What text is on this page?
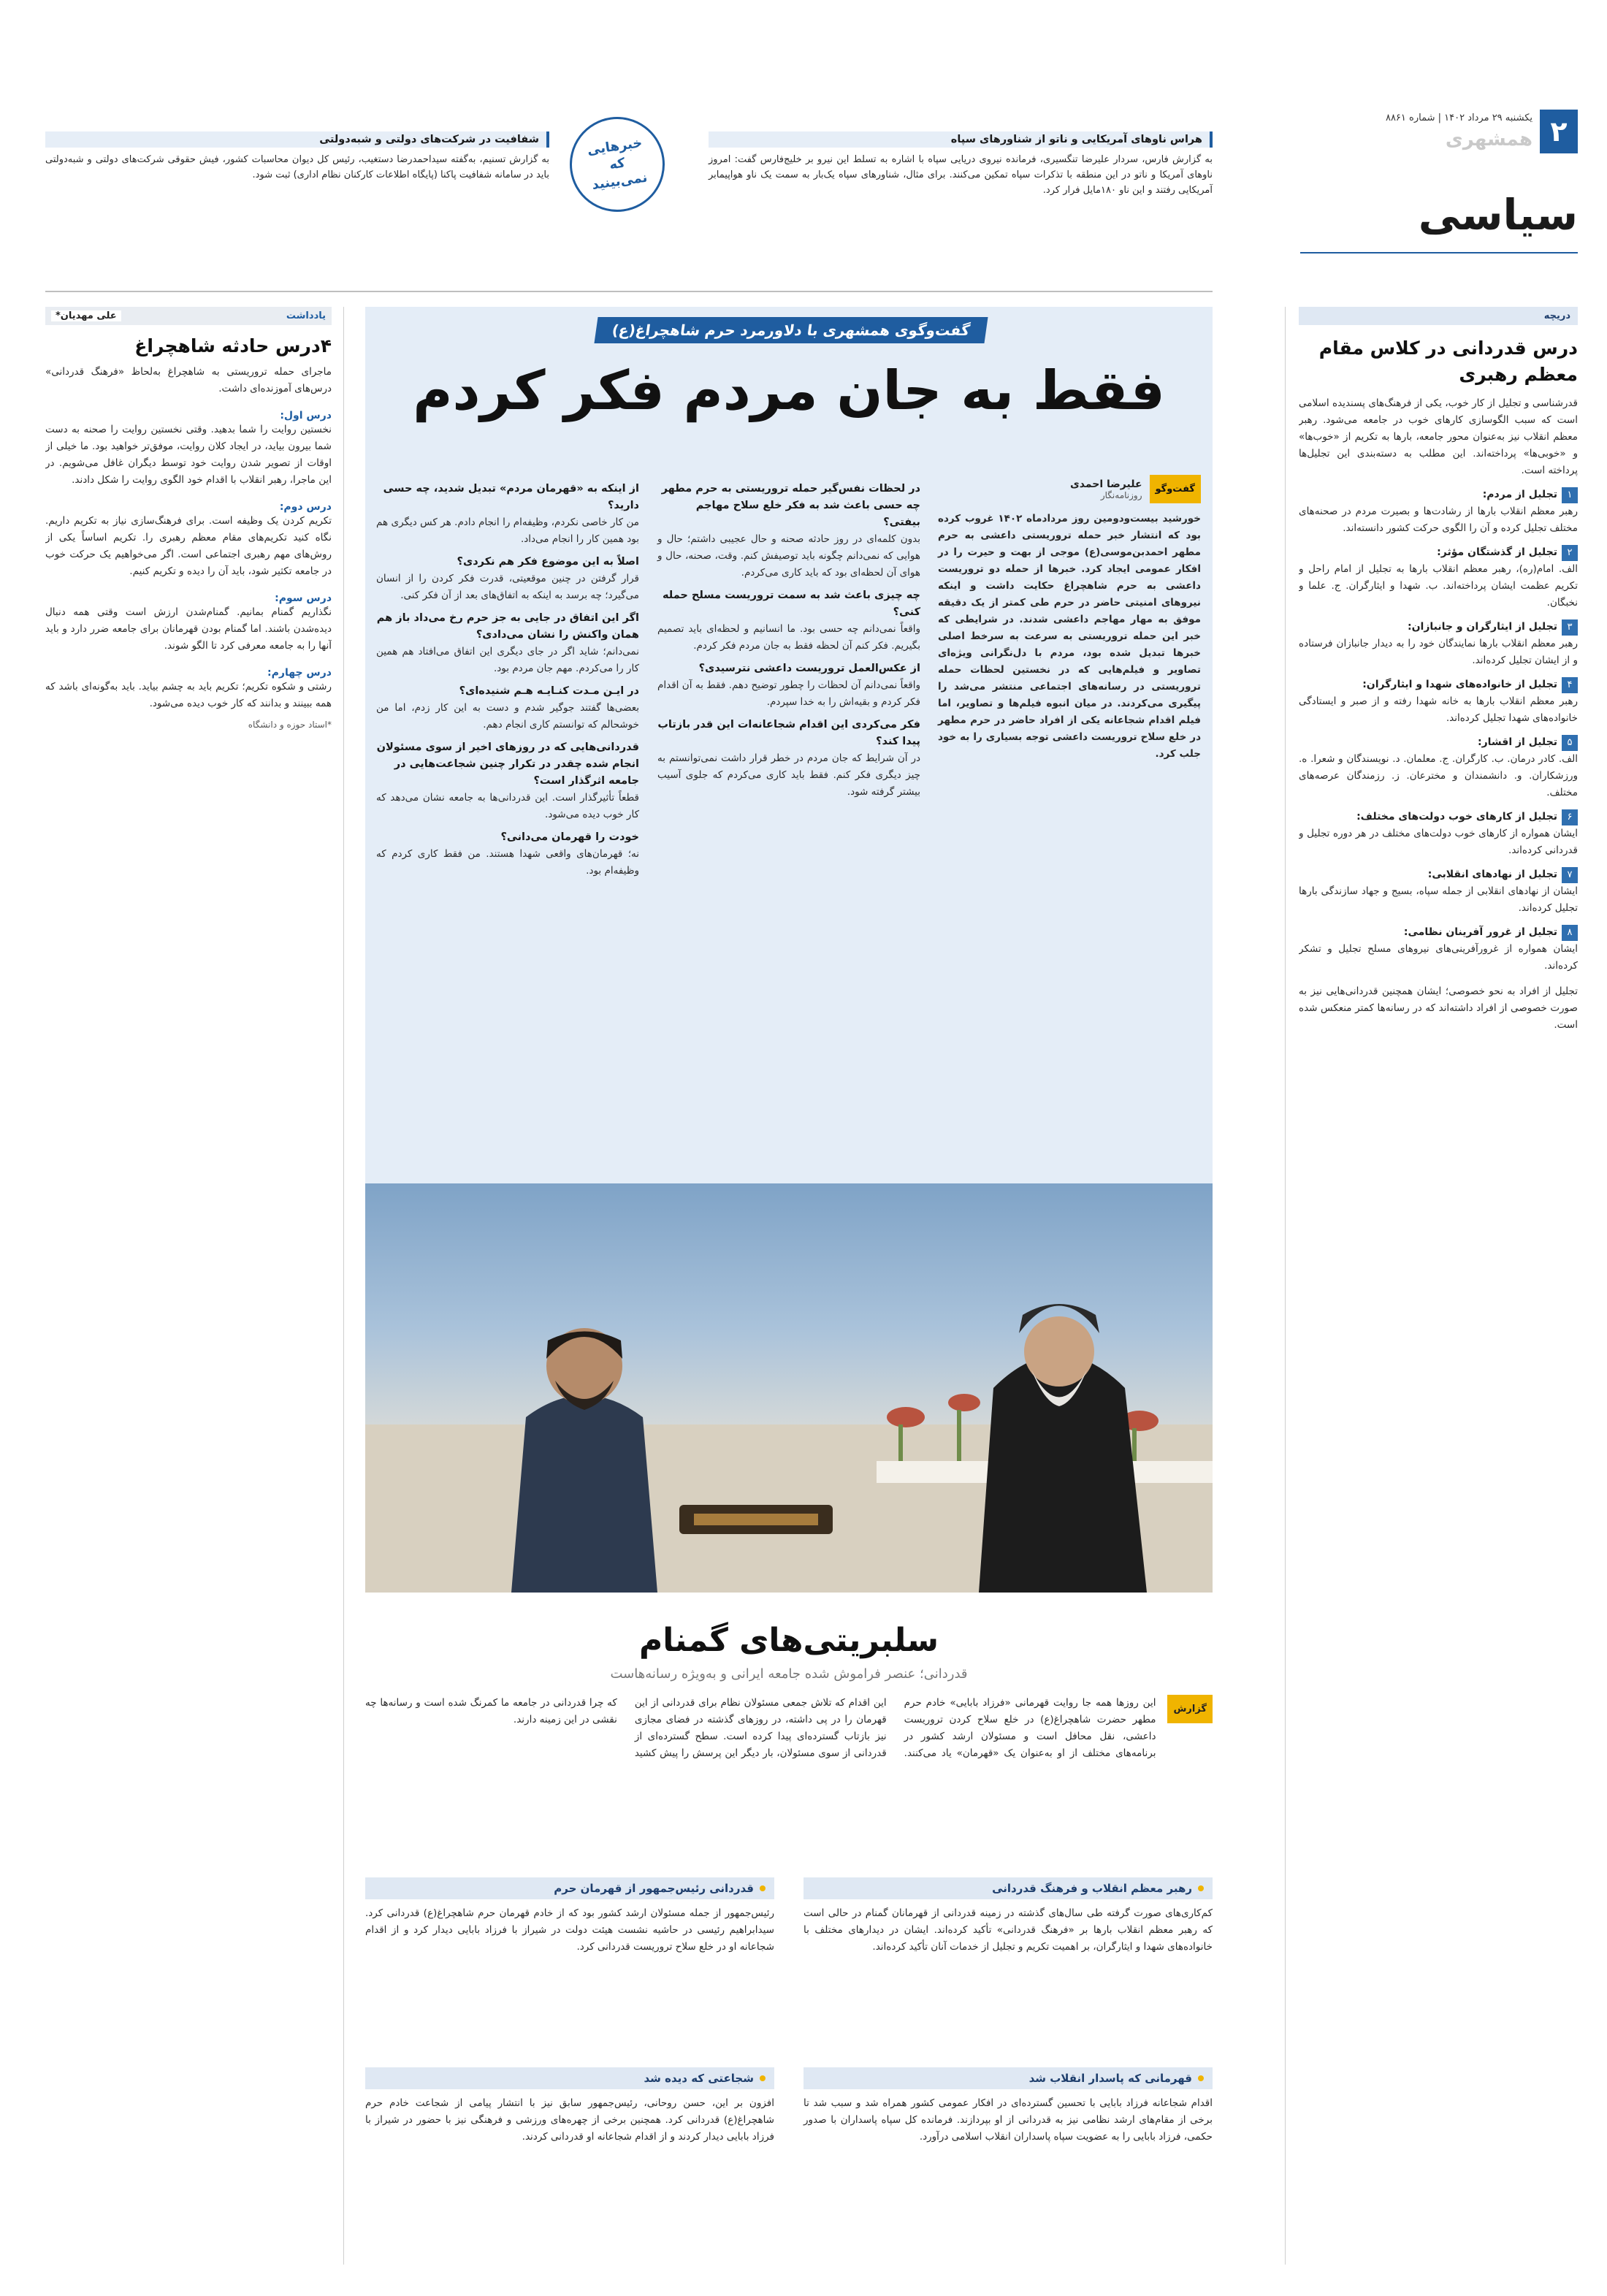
۲
یکشنبه ۲۹ مرداد ۱۴۰۲ | شماره ۸۸۶۱
همشهری
سیاسی
هراس ناوهای آمریکایی و ناتو از شناورهای سپاه

به گزارش فارس، سردار علیرضا تنگسیری، فرمانده نیروی دریایی سپاه با اشاره به تسلط این نیرو بر خلیج‌فارس گفت: امروز ناوهای آمریکا و ناتو در این منطقه با تذکرات سپاه تمکین می‌کنند. برای مثال، شناورهای سپاه یک‌بار به سمت یک ناو هواپیمابر آمریکایی رفتند و این ناو ۱۸۰مایل فرار کرد.

خبرهایی که نمی‌بینید
شفافیت در شرکت‌های دولتی و شبه‌دولتی

به گزارش تسنیم، به‌گفته سیداحمدرضا دستغیب، رئیس کل دیوان محاسبات کشور، فیش حقوقی شرکت‌های دولتی و شبه‌دولتی باید در سامانه شفافیت پاکنا (پایگاه اطلاعات کارکنان نظام اداری) ثبت شود.

دریچه
درس قدردانی در کلاس مقام معظم رهبری

قدرشناسی و تجلیل از کار خوب، یکی از فرهنگ‌های پسندیده اسلامی است که سبب الگوسازی کارهای خوب در جامعه می‌شود. رهبر معظم انقلاب نیز به‌عنوان محور جامعه، بارها به تکریم از «خوب‌ها» و «خوبی‌ها» پرداخته‌اند. این مطلب به دسته‌بندی این تجلیل‌ها پرداخته است.

۱تجلیل از مردم:

رهبر معظم انقلاب بارها از رشادت‌ها و بصیرت مردم در صحنه‌های مختلف تجلیل کرده و آن را الگوی حرکت کشور دانسته‌اند.

۲تجلیل از گذشتگان مؤثر:

الف. امام(ره)، رهبر معظم انقلاب بارها به تجلیل از امام راحل و تکریم عظمت ایشان پرداخته‌اند. ب. شهدا و ایثارگران. ج. علما و نخبگان.

۳تجلیل از ایثارگران و جانبازان:

رهبر معظم انقلاب بارها نمایندگان خود را به دیدار جانبازان فرستاده و از ایشان تجلیل کرده‌اند.

۴تجلیل از خانواده‌های شهدا و ایثارگران:

رهبر معظم انقلاب بارها به خانه شهدا رفته و از صبر و ایستادگی خانواده‌های شهدا تجلیل کرده‌اند.

۵تجلیل از اقشار:

الف. کادر درمان. ب. کارگران. ج. معلمان. د. نویسندگان و شعرا. ه. ورزشکاران. و. دانشمندان و مخترعان. ز. رزمندگان عرصه‌های مختلف.

۶تجلیل از کارهای خوب دولت‌های مختلف:

ایشان همواره از کارهای خوب دولت‌های مختلف در هر دوره تجلیل و قدردانی کرده‌اند.

۷تجلیل از نهادهای انقلابی:

ایشان از نهادهای انقلابی از جمله سپاه، بسیج و جهاد سازندگی بارها تجلیل کرده‌اند.

۸تجلیل از غرور آفرینان نظامی:

ایشان همواره از غرورآفرینی‌های نیروهای مسلح تجلیل و تشکر کرده‌اند.

تجلیل از افراد به نحو خصوصی؛ ایشان همچنین قدردانی‌هایی نیز به صورت خصوصی از افراد داشته‌اند که در رسانه‌ها کمتر منعکس شده است.

یادداشت
علی مهدیان*
۴درس حادثه شاهچراغ

ماجرای حمله تروریستی به شاهچراغ به‌لحاظ «فرهنگ قدردانی» درس‌های آموزنده‌ای داشت.

درس اول:

نخستین روایت را شما بدهید. وقتی نخستین روایت را صحنه به دست شما بیرون بیاید، در ایجاد کلان روایت، موفق‌تر خواهید بود. ما خیلی از اوقات از تصویر شدن روایت خود توسط دیگران غافل می‌شویم. در این ماجرا، رهبر انقلاب با اقدام خود الگوی روایت را شکل دادند.

درس دوم:

تکریم کردن یک وظیفه است. برای فرهنگ‌سازی نیاز به تکریم داریم. نگاه کنید تکریم‌های مقام معظم رهبری را. تکریم اساساً یکی از روش‌های مهم رهبری اجتماعی است. اگر می‌خواهیم یک حرکت خوب در جامعه تکثیر شود، باید آن را دیده و تکریم کنیم.

درس سوم:

نگذاریم گمنام بمانیم. گمنام‌شدن ارزش است وقتی همه دنبال دیده‌شدن باشند. اما گمنام بودن قهرمانان برای جامعه ضرر دارد و باید آنها را به جامعه معرفی کرد تا الگو شوند.

درس چهارم:

رشتی و شکوه تکریم؛ تکریم باید به چشم بیاید. باید به‌گونه‌ای باشد که همه ببینند و بدانند که کار خوب دیده می‌شود.

*استاد حوزه و دانشگاه

گفت‌وگوی همشهری با دلاورمرد حرم شاهچراغ(ع)
فقط به جان مردم فکر کردم
گفت‌وگو
علیرضا احمدی
روزنامه‌نگار

خورشید بیست‌ودومین روز مردادماه ۱۴۰۲ غروب کرده بود که انتشار خبر حمله تروریستی داعشی به حرم مطهر احمدبن‌موسی(ع) موجی از بهت و حیرت را در افکار عمومی ایجاد کرد. خبرها از حمله دو تروریست داعشی به حرم شاهچراغ حکایت داشت و اینکه نیروهای امنیتی حاضر در حرم طی کمتر از یک دقیقه موفق به مهار مهاجم داعشی شدند. در شرایطی که خبر این حمله تروریستی به سرعت به سرخط اصلی خبرها تبدیل شده بود، مردم با دل‌نگرانی ویژه‌ای تصاویر و فیلم‌هایی که در نخستین لحظات حمله تروریستی در رسانه‌های اجتماعی منتشر می‌شد را پیگیری می‌کردند. در میان انبوه فیلم‌ها و تصاویر، اما فیلم اقدام شجاعانه یکی از افراد حاضر در حرم مطهر در خلع سلاح تروریست داعشی توجه بسیاری را به خود جلب کرد.

در لحظات نفس‌گیر حمله تروریستی به حرم مطهر چه حسی باعث شد به فکر خلع سلاح مهاجم بیفتی؟

بدون کلمه‌ای در روز حادثه صحنه و حال عجیبی داشتم؛ حال و هوایی که نمی‌دانم چگونه باید توصیفش کنم. وقت، صحنه، حال و هوای آن لحظه‌ای بود که باید کاری می‌کردم.

چه چیزی باعث شد به سمت تروریست مسلح حمله کنی؟

واقعاً نمی‌دانم چه حسی بود. ما انسانیم و لحظه‌ای باید تصمیم بگیریم. فکر کنم آن لحظه فقط به جان مردم فکر کردم.

از عکس‌العمل تروریست داعشی نترسیدی؟

واقعاً نمی‌دانم آن لحظات را چطور توضیح دهم. فقط به آن اقدام فکر کردم و بقیه‌اش را به خدا سپردم.

فکر می‌کردی این اقدام شجاعانه‌ات این قدر بازتاب پیدا کند؟

در آن شرایط که جان مردم در خطر قرار داشت نمی‌توانستم به چیز دیگری فکر کنم. فقط باید کاری می‌کردم که جلوی آسیب بیشتر گرفته شود.

از اینکه به «قهرمان مردم» تبدیل شدید، چه حسی دارید؟

من کار خاصی نکردم، وظیفه‌ام را انجام دادم. هر کس دیگری هم بود همین کار را انجام می‌داد.

اصلاً به این موضوع فکر هم نکردی؟

قرار گرفتن در چنین موقعیتی، قدرت فکر کردن را از انسان می‌گیرد؛ چه برسد به اینکه به اتفاق‌های بعد از آن فکر کنی.

اگر این اتفاق در جایی به جز حرم رخ می‌داد باز هم همان واکنش را نشان می‌دادی؟

نمی‌دانم؛ شاید اگر در جای دیگری این اتفاق می‌افتاد هم همین کار را می‌کردم. مهم جان مردم بود.

در ایـن مـدت کنـایـه هـم شنیده‌ای؟

بعضی‌ها گفتند جوگیر شدم و دست به این کار زدم، اما من خوشحالم که توانستم کاری انجام دهم.

قدردانی‌هایی که در روزهای اخیر از سوی مسئولان انجام شده چقدر در تکرار چنین شجاعت‌هایی در جامعه اثرگذار است؟

قطعاً تأثیرگذار است. این قدردانی‌ها به جامعه نشان می‌دهد که کار خوب دیده می‌شود.

خودت را قهرمان می‌دانی؟

نه؛ قهرمان‌های واقعی شهدا هستند. من فقط کاری کردم که وظیفه‌ام بود.

سلبریتی‌های گمنام
قدردانی؛ عنصر فراموش شده جامعه ایرانی و به‌ویژه رسانه‌هاست
گزارش

این روزها همه جا روایت قهرمانی «فرزاد بابایی» خادم حرم مطهر حضرت شاهچراغ(ع) در خلع سلاح کردن تروریست داعشی، نقل محافل است و مسئولان ارشد کشور در برنامه‌های مختلف از او به‌عنوان یک «قهرمان» یاد می‌کنند. این اقدام که تلاش جمعی مسئولان نظام برای قدردانی از این قهرمان را در پی داشته، در روزهای گذشته در فضای مجازی نیز بازتاب گسترده‌ای پیدا کرده است. سطح گسترده‌ای از قدردانی از سوی مسئولان، بار دیگر این پرسش را پیش کشید که چرا قدردانی در جامعه ما کمرنگ شده است و رسانه‌ها چه نقشی در این زمینه دارند.

رهبر معظم انقلاب و فرهنگ قدردانی

کم‌کاری‌های صورت گرفته طی سال‌های گذشته در زمینه قدردانی از قهرمانان گمنام در حالی است که رهبر معظم انقلاب بارها بر «فرهنگ قدردانی» تأکید کرده‌اند. ایشان در دیدارهای مختلف با خانواده‌های شهدا و ایثارگران، بر اهمیت تکریم و تجلیل از خدمات آنان تأکید کرده‌اند.

قدردانی رئیس‌جمهور از قهرمان حرم

رئیس‌جمهور از جمله مسئولان ارشد کشور بود که از خادم قهرمان حرم شاهچراغ(ع) قدردانی کرد. سیدابراهیم رئیسی در حاشیه نشست هیئت دولت در شیراز با فرزاد بابایی دیدار کرد و از اقدام شجاعانه او در خلع سلاح تروریست قدردانی کرد.

قهرمانی که پاسدار انقلاب شد

اقدام شجاعانه فرزاد بابایی با تحسین گسترده‌ای در افکار عمومی کشور همراه شد و سبب شد تا برخی از مقام‌های ارشد نظامی نیز به قدردانی از او بپردازند. فرمانده کل سپاه پاسداران با صدور حکمی، فرزاد بابایی را به عضویت سپاه پاسداران انقلاب اسلامی درآورد.

شجاعتی که دیده شد

افزون بر این، حسن روحانی، رئیس‌جمهور سابق نیز با انتشار پیامی از شجاعت خادم حرم شاهچراغ(ع) قدردانی کرد. همچنین برخی از چهره‌های ورزشی و فرهنگی نیز با حضور در شیراز با فرزاد بابایی دیدار کردند و از اقدام شجاعانه او قدردانی کردند.
